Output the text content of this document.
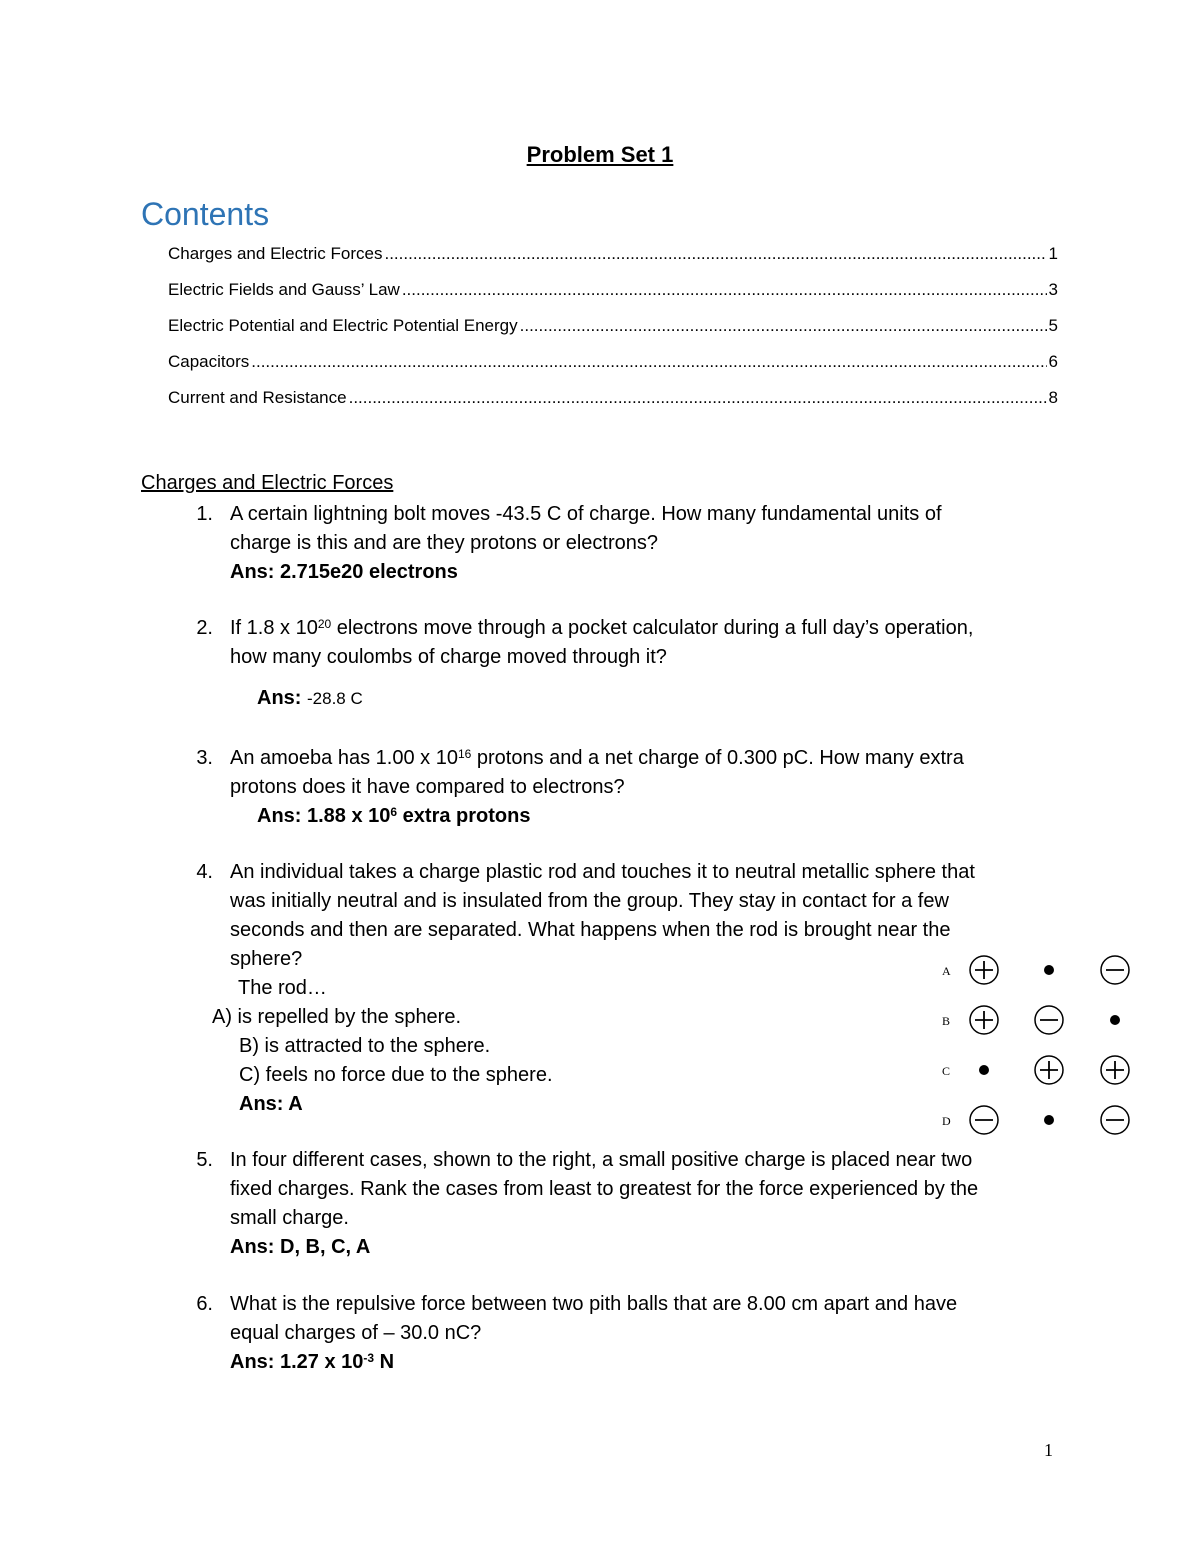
Problem Set 1
Contents
Charges and Electric Forces .....	1
Electric Fields and Gauss’ Law .....	3
Electric Potential and Electric Potential Energy .....	5
Capacitors .....	6
Current and Resistance .....	8
Charges and Electric Forces
1. A certain lightning bolt moves -43.5 C of charge. How many fundamental units of
charge is this and are they protons or electrons?
Ans: 2.715e20 electrons
2. If 1.8 x $10^{20}$ electrons move through a pocket calculator during a full day’s operation,
how many coulombs of charge moved through it?
Ans: -28.8 C
3. An amoeba has 1.00 x $10^{16}$ protons and a net charge of 0.300 pC. How many extra
protons does it have compared to electrons?
Ans: 1.88 x $10^6$ extra protons
4. An individual takes a charge plastic rod and touches it to neutral metallic sphere that
was initially neutral and is insulated from the group. They stay in contact for a few
seconds and then are separated. What happens when the rod is brought near the
sphere?
The rod…
A) is repelled by the sphere.
B) is attracted to the sphere.
C) feels no force due to the sphere.
Ans: A
5. In four different cases, shown to the right, a small positive charge is placed near two
fixed charges. Rank the cases from least to greatest for the force experienced by the
small charge.
Ans: D, B, C, A
6. What is the repulsive force between two pith balls that are 8.00 cm apart and have
equal charges of – 30.0 nC?
Ans: 1.27 x $10^{-3}$ N
A
B
C
D
1
